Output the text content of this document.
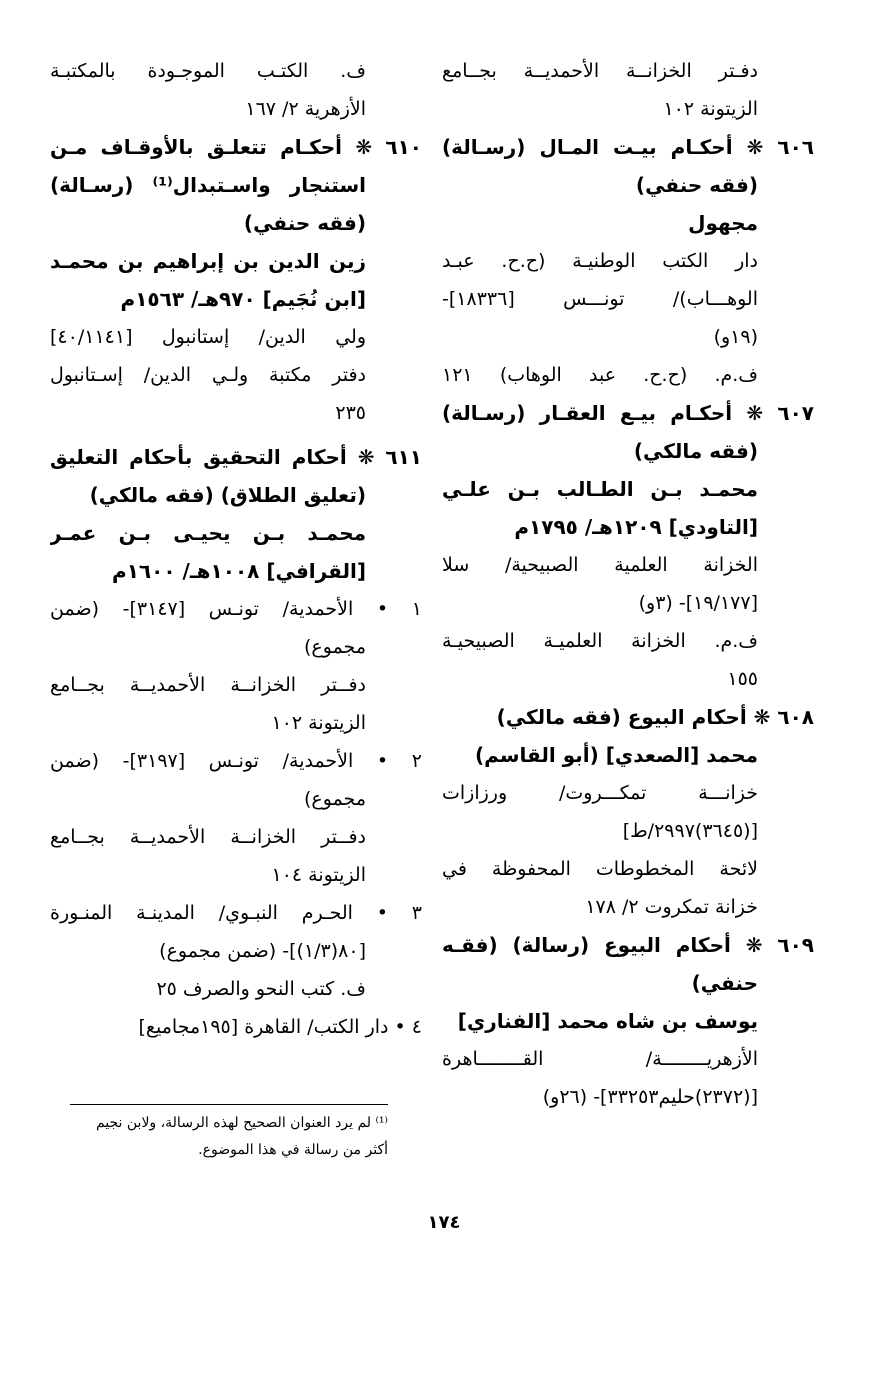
دفـتر الخزانــة الأحمديــة بجــامع
الزيتونة ١٠٢
٦٠٦ ❋ أحكـام بيـت المـال (رسـالة)
(فقه حنفي)
مجهول
دار الكتب الوطنيـة (ح.ح. عبـد
الوهـــاب)/ تونـــس [١٨٣٣٦]-
(١٩و)
ف.م. (ح.ح. عبد الوهاب) ١٢١
٦٠٧ ❋ أحكـام بيـع العقـار (رسـالة)
(فقه مالكي)
محمـد بـن الطـالب بـن علـي
[التاودي] ١٢٠٩هـ/ ١٧٩٥م
الخزانة العلمية الصبيحية/ سلا
[١٩/١٧٧]- (٣و)
ف.م. الخزانة العلميـة الصبيحيـة
١٥٥
٦٠٨ ❋ أحكام البيوع (فقه مالكي)
محمد [الصعدي] (أبو القاسم)
خزانـــة تمكـــروت/ ورزازات
[(٣٦٤٥)٢٩٩٧/ط]
لائحة المخطوطات المحفوظة في
خزانة تمكروت ٢/ ١٧٨
٦٠٩ ❋ أحكام البيوع (رسالة) (فقـه
حنفي)
يوسف بن شاه محمد [الفناري]
الأزهريــــــــة/ القــــــــاهرة
[(٢٣٧٢)حليم٣٣٢٥٣]- (٢٦و)
ف. الكتـب الموجـودة بالمكتبـة
الأزهرية ٢/ ١٦٧
٦١٠ ❋ أحكـام تتعلـق بالأوقـاف مـن
استنجار واسـتبدال⁽¹⁾ (رسـالة)
(فقه حنفي)
زين الدين بن إبراهيم بن محمـد
[ابن نُجَيم] ٩٧٠هـ/ ١٥٦٣م
ولي الدين/ إستانبول [٤٠/١١٤١]
دفتر مكتبة ولـي الدين/ إسـتانبول
٢٣٥
٦١١ ❋ أحكام التحقيق بأحكام التعليق
(تعليق الطلاق) (فقه مالكي)
محمـد بـن يحيـى بـن عمـر
[القرافي] ١٠٠٨هـ/ ١٦٠٠م
١ • الأحمدية/ تونـس [٣١٤٧]- (ضمن
مجموع)
دفــتر الخزانــة الأحمديــة بجــامع
الزيتونة ١٠٢
٢ • الأحمدية/ تونـس [٣١٩٧]- (ضمن
مجموع)
دفــتر الخزانــة الأحمديــة بجــامع
الزيتونة ١٠٤
٣ • الحـرم النبـوي/ المدينـة المنـورة
[٨٠(١/٣)]- (ضمن مجموع)
ف. كتب النحو والصرف ٢٥
٤ • دار الكتب/ القاهرة [١٩٥مجاميع]
⁽¹⁾ لم يرد العنوان الصحيح لهذه الرسالة، ولابن نجيم
أكثر من رسالة في هذا الموضوع.
١٧٤
